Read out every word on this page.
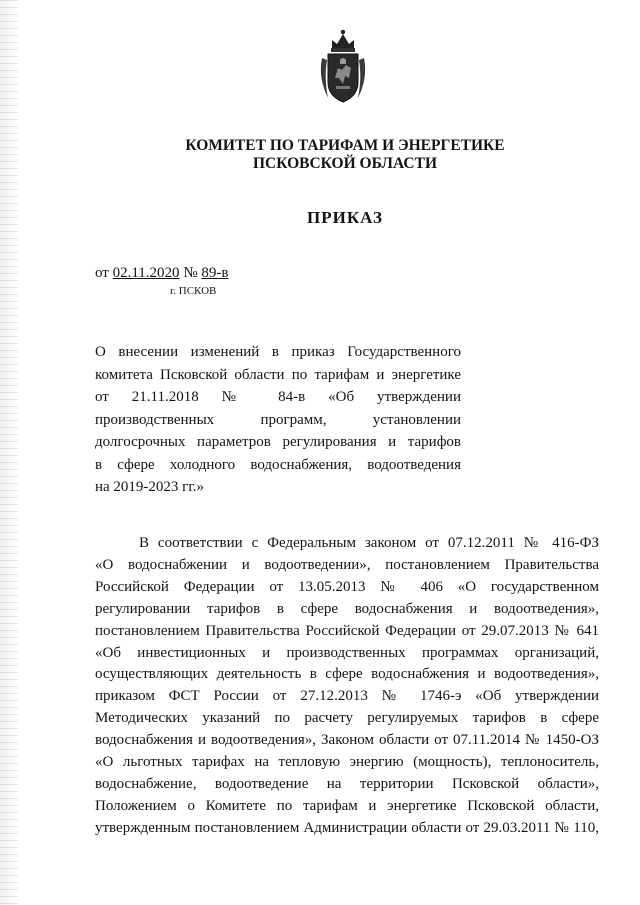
КОМИТЕТ ПО ТАРИФАМ И ЭНЕРГЕТИКЕ
ПСКОВСКОЙ ОБЛАСТИ
ПРИКАЗ
от 02.11.2020 № 89-в
г. ПСКОВ
О внесении изменений в приказ Государственного
комитета Псковской области по тарифам и энергетике
от 21.11.2018 № 84-в «Об утверждении
производственных программ, установлении
долгосрочных параметров регулирования и тарифов
в сфере холодного водоснабжения, водоотведения
на 2019-2023 гг.»
В соответствии с Федеральным законом от 07.12.2011 № 416-ФЗ
«О водоснабжении и водоотведении», постановлением Правительства
Российской Федерации от 13.05.2013 № 406 «О государственном
регулировании тарифов в сфере водоснабжения и водоотведения»,
постановлением Правительства Российской Федерации от 29.07.2013 № 641
«Об инвестиционных и производственных программах организаций,
осуществляющих деятельность в сфере водоснабжения и водоотведения»,
приказом ФСТ России от 27.12.2013 № 1746-э «Об утверждении
Методических указаний по расчету регулируемых тарифов в сфере
водоснабжения и водоотведения», Законом области от 07.11.2014 № 1450-ОЗ
«О льготных тарифах на тепловую энергию (мощность), теплоноситель,
водоснабжение, водоотведение на территории Псковской области»,
Положением о Комитете по тарифам и энергетике Псковской области,
утвержденным постановлением Администрации области от 29.03.2011 № 110,
